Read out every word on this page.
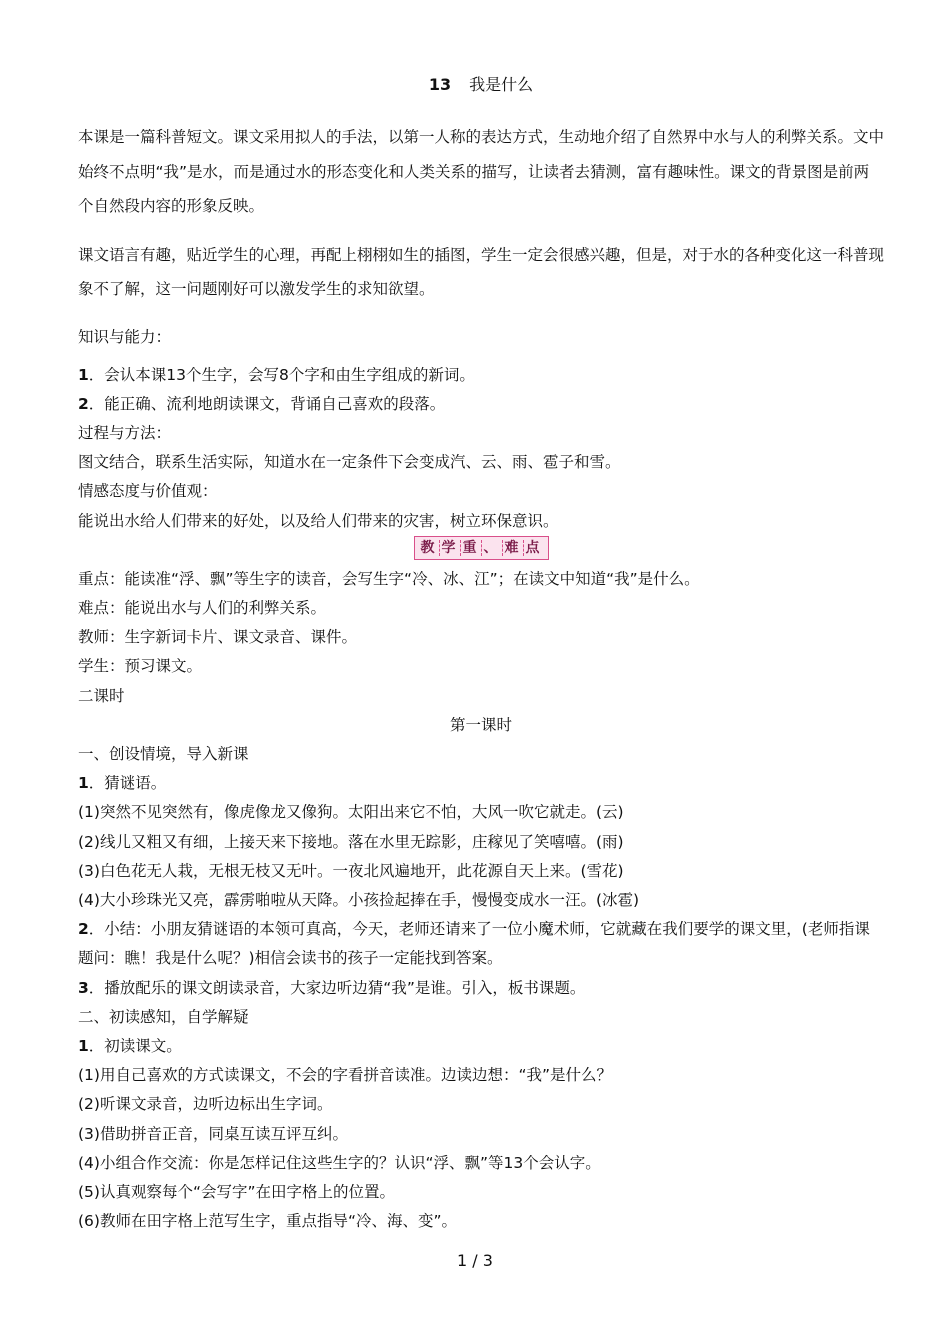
13 我是什么

本课是一篇科普短文。课文采用拟人的手法，以第一人称的表达方式，生动地介绍了自然界中水与人的利弊关系。文中始终不点明“我”是水，而是通过水的形态变化和人类关系的描写，让读者去猜测，富有趣味性。课文的背景图是前两个自然段内容的形象反映。

课文语言有趣，贴近学生的心理，再配上栩栩如生的插图，学生一定会很感兴趣，但是，对于水的各种变化这一科普现象不了解，这一问题刚好可以激发学生的求知欲望。

知识与能力：

1．会认本课13个生字，会写8个字和由生字组成的新词。

2．能正确、流利地朗读课文，背诵自己喜欢的段落。

过程与方法：

图文结合，联系生活实际，知道水在一定条件下会变成汽、云、雨、雹子和雪。

情感态度与价值观：

能说出水给人们带来的好处，以及给人们带来的灾害，树立环保意识。

教 学 重 、 难 点

重点：能读准“浮、飘”等生字的读音，会写生字“冷、冰、江”；在读文中知道“我”是什么。

难点：能说出水与人们的利弊关系。

教师：生字新词卡片、课文录音、课件。

学生：预习课文。

二课时

第一课时

一、创设情境，导入新课

1．猜谜语。

(1)突然不见突然有，像虎像龙又像狗。太阳出来它不怕，大风一吹它就走。(云)

(2)线儿又粗又有细，上接天来下接地。落在水里无踪影，庄稼见了笑嘻嘻。(雨)

(3)白色花无人栽，无根无枝又无叶。一夜北风遍地开，此花源自天上来。(雪花)

(4)大小珍珠光又亮，霹雳啪啦从天降。小孩捡起捧在手，慢慢变成水一汪。(冰雹)

2．小结：小朋友猜谜语的本领可真高，今天，老师还请来了一位小魔术师，它就藏在我们要学的课文里，(老师指课题问：瞧！我是什么呢？)相信会读书的孩子一定能找到答案。

3．播放配乐的课文朗读录音，大家边听边猜“我”是谁。引入，板书课题。

二、初读感知，自学解疑

1．初读课文。

(1)用自己喜欢的方式读课文，不会的字看拼音读准。边读边想：“我”是什么？

(2)听课文录音，边听边标出生字词。

(3)借助拼音正音，同桌互读互评互纠。

(4)小组合作交流：你是怎样记住这些生字的？认识“浮、飘”等13个会认字。

(5)认真观察每个“会写字”在田字格上的位置。

(6)教师在田字格上范写生字，重点指导“冷、海、变”。

1 / 3
